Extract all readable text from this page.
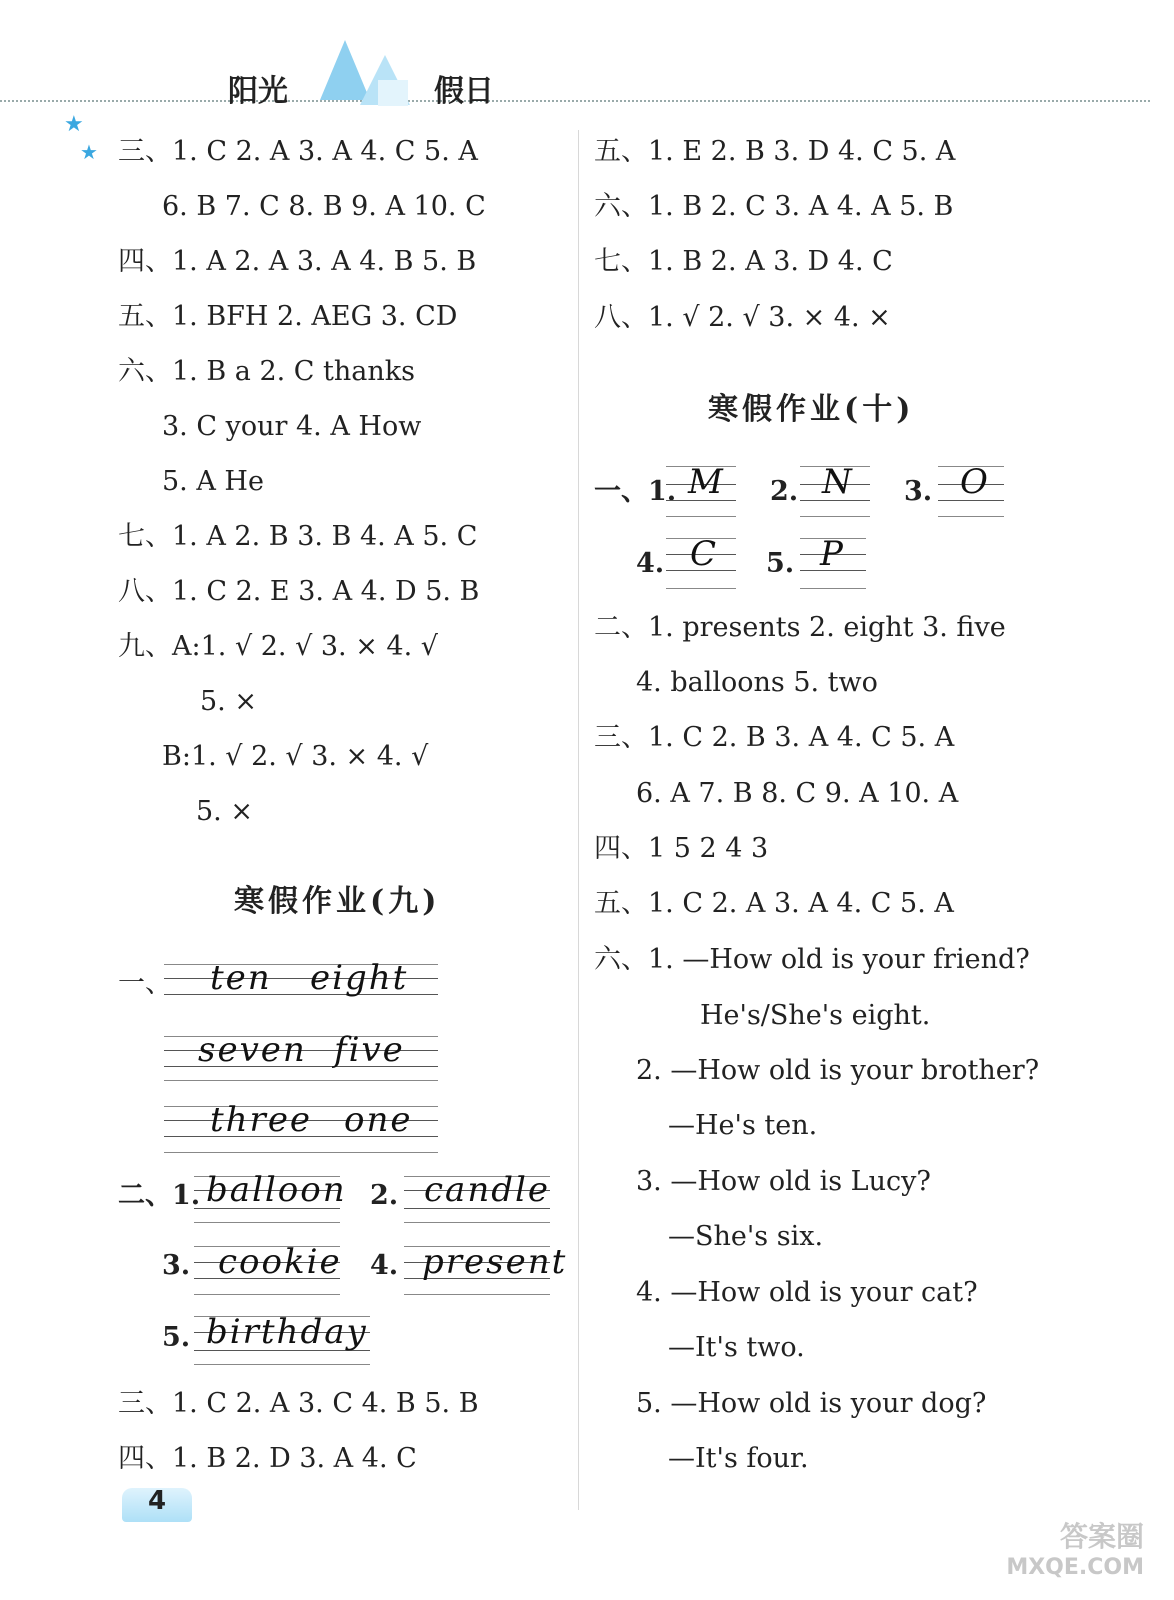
★
★
阳光	假日
三、1. C 2. A 3. A 4. C 5. A
6. B 7. C 8. B 9. A 10. C
四、1. A 2. A 3. A 4. B 5. B
五、1. BFH 2. AEG 3. CD
六、1. B a 2. C thanks
3. C your 4. A How
5. A He
七、1. A 2. B 3. B 4. A 5. C
八、1. C 2. E 3. A 4. D 5. B
九、A:1. √ 2. √ 3. × 4. √
5. ×
B:1. √ 2. √ 3. × 4. √
5. ×
寒假作业(九)
一、 ten eight
seven five
three one
二、1. balloon 2. candle
3. cookie 4. present
5. birthday
三、1. C 2. A 3. C 4. B 5. B
四、1. B 2. D 3. A 4. C
五、1. E 2. B 3. D 4. C 5. A
六、1. B 2. C 3. A 4. A 5. B
七、1. B 2. A 3. D 4. C
八、1. √ 2. √ 3. × 4. ×
寒假作业(十)
一、1. M 2. N 3. O
4. C 5. P
二、1. presents 2. eight 3. five
4. balloons 5. two
三、1. C 2. B 3. A 4. C 5. A
6. A 7. B 8. C 9. A 10. A
四、1 5 2 4 3
五、1. C 2. A 3. A 4. C 5. A
六、1. —How old is your friend?
He's/She's eight.
2. —How old is your brother?
—He's ten.
3. —How old is Lucy?
—She's six.
4. —How old is your cat?
—It's two.
5. —How old is your dog?
—It's four.
4
答案圈
MXQE.COM
